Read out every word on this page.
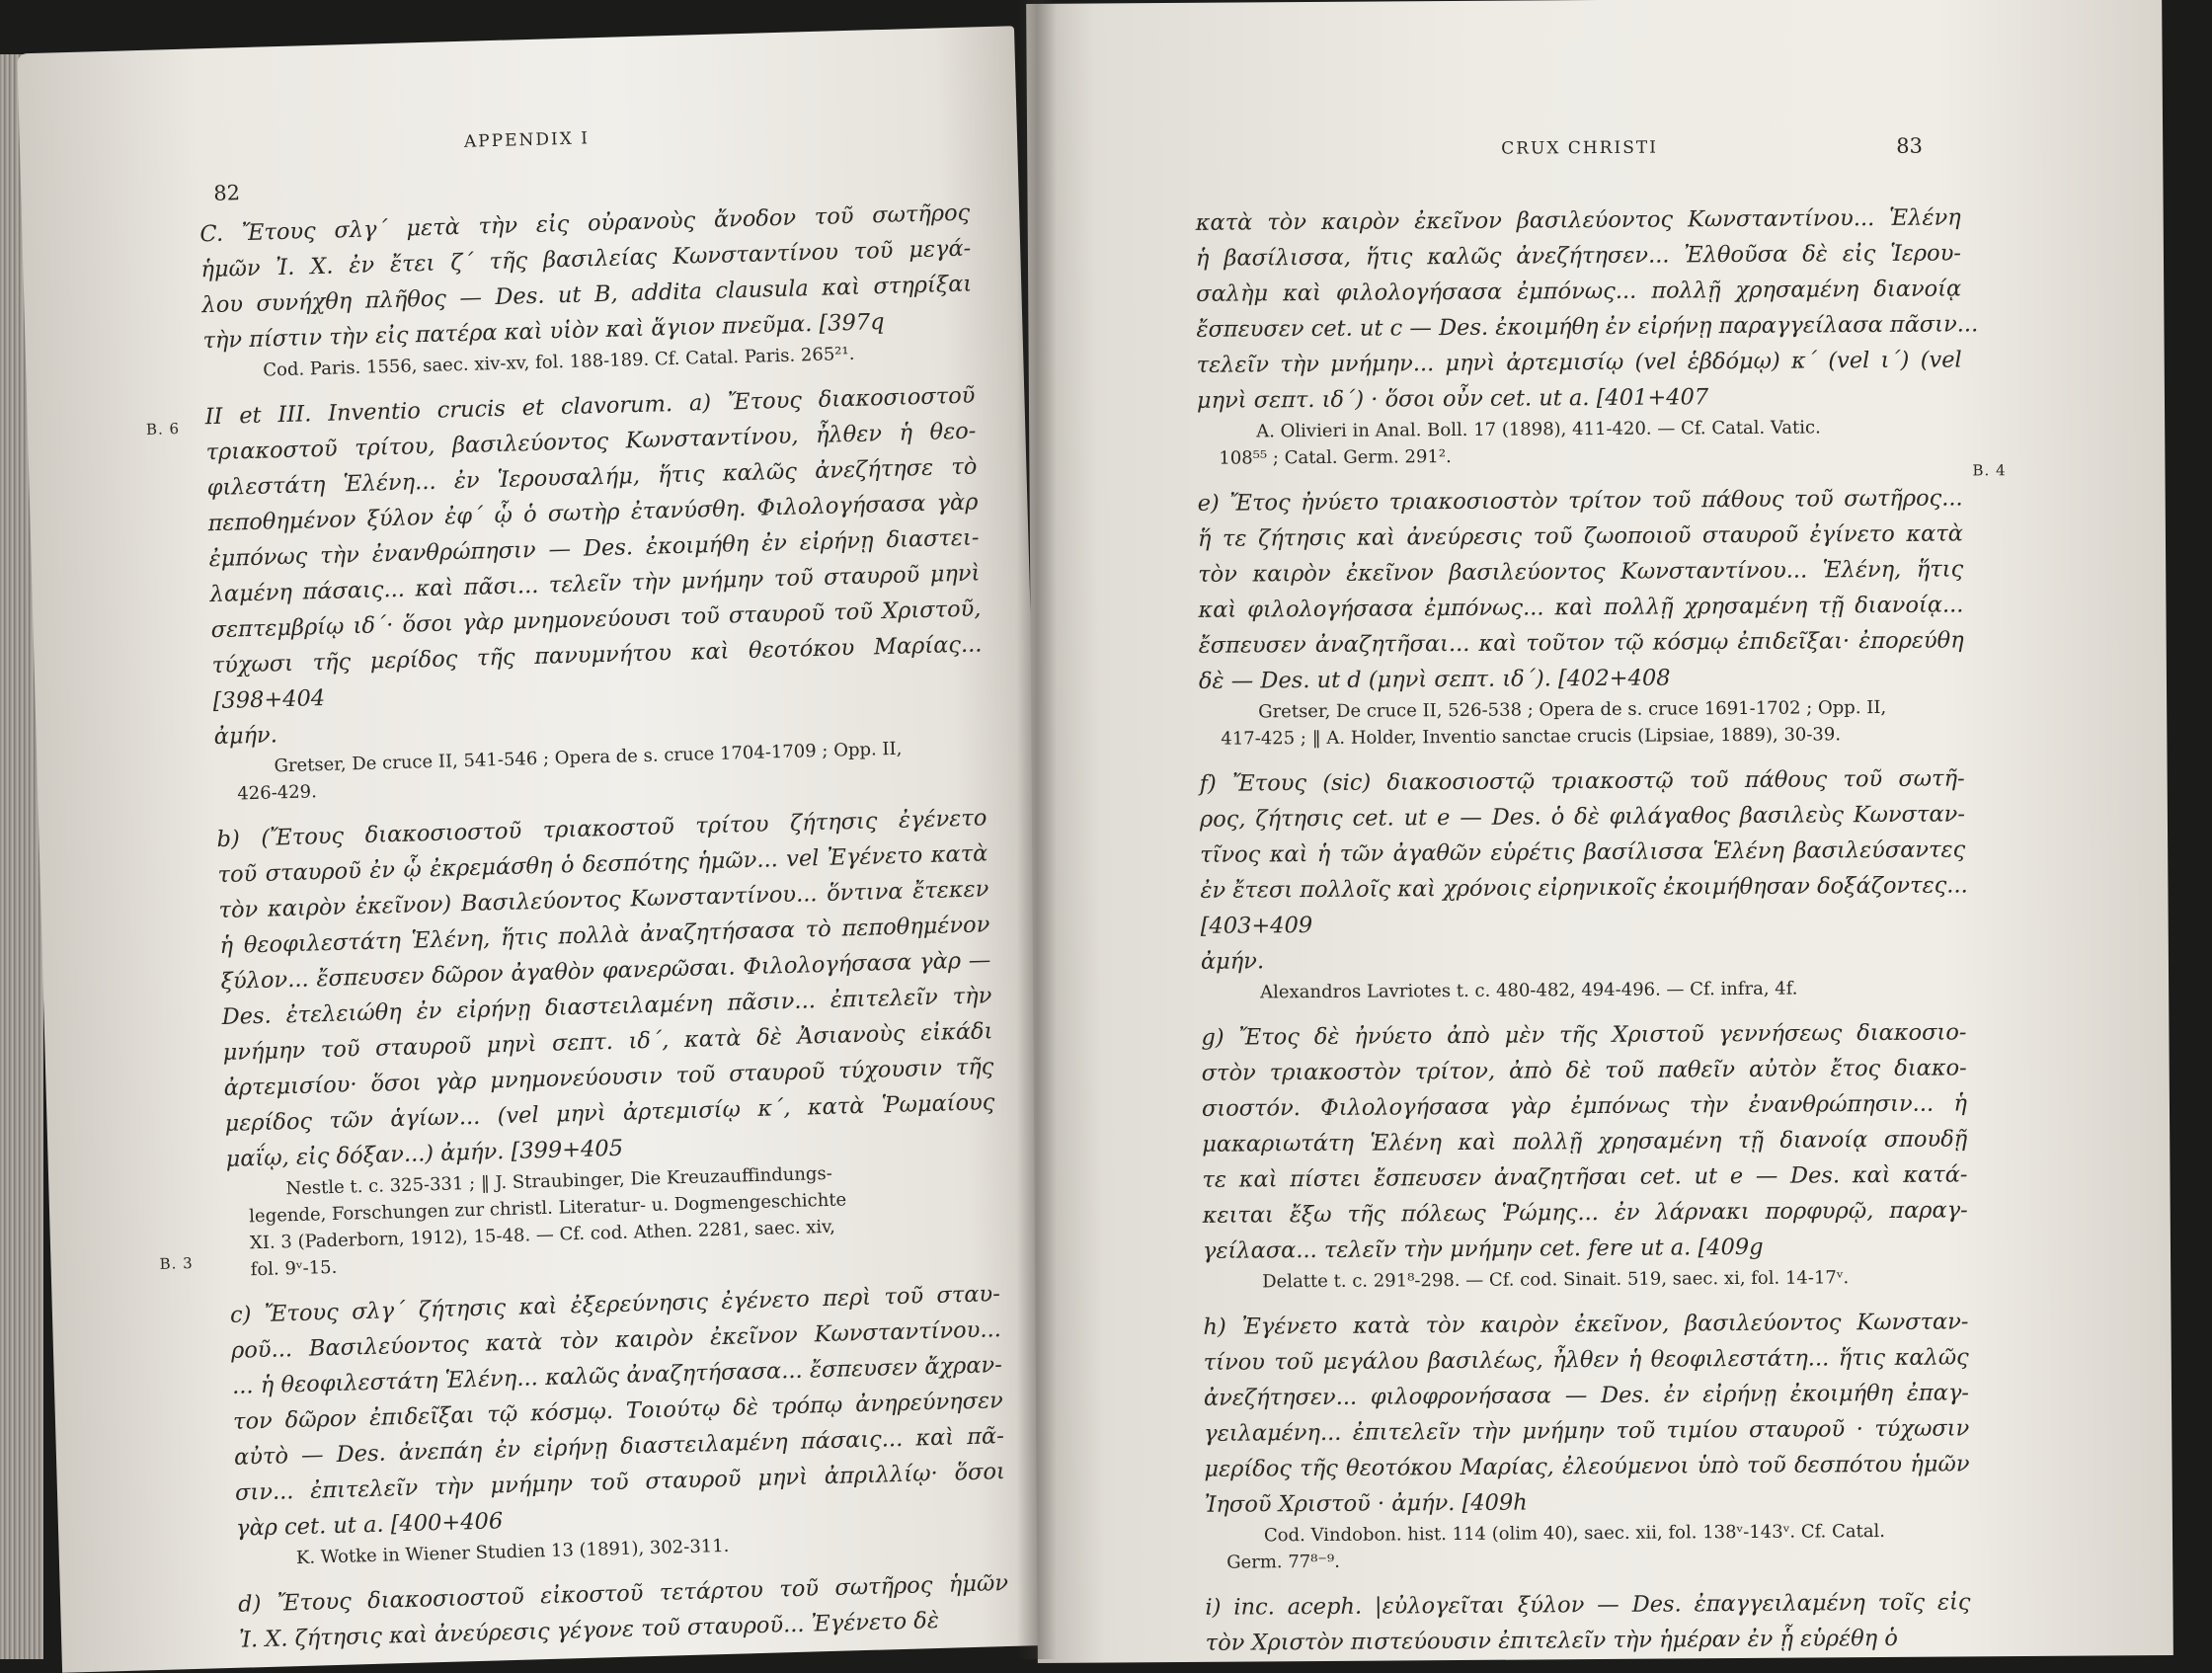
APPENDIX I
82
B. 6
B. 3
C. Ἔτους σλγ΄ μετὰ τὴν εἰς οὐρανοὺς ἄνοδον τοῦ σωτῆρος
ἡμῶν Ἰ. Χ. ἐν ἔτει ζ΄ τῆς βασιλείας Κωνσταντίνου τοῦ μεγά-
λου συνήχθη πλῆθος — Des. ut B, addita clausula καὶ στηρίξαι
τὴν πίστιν τὴν εἰς πατέρα καὶ υἱὸν καὶ ἅγιον πνεῦμα. [397q
Cod. Paris. 1556, saec. xiv-xv, fol. 188-189. Cf. Catal. Paris. 265²¹.
II et III. Inventio crucis et clavorum. a) Ἔτους διακοσιοστοῦ
τριακοστοῦ τρίτου, βασιλεύοντος Κωνσταντίνου, ἦλθεν ἡ θεο-
φιλεστάτη Ἑλένη... ἐν Ἱερουσαλήμ, ἥτις καλῶς ἀνεζήτησε τὸ
πεποθημένον ξύλον ἐφ΄ ᾧ ὁ σωτὴρ ἐτανύσθη. Φιλολογήσασα γὰρ
ἐμπόνως τὴν ἐνανθρώπησιν — Des. ἐκοιμήθη ἐν εἰρήνῃ διαστει-
λαμένη πάσαις... καὶ πᾶσι... τελεῖν τὴν μνήμην τοῦ σταυροῦ μηνὶ
σεπτεμβρίῳ ιδ΄· ὅσοι γὰρ μνημονεύουσι τοῦ σταυροῦ τοῦ Χριστοῦ,
τύχωσι τῆς μερίδος τῆς πανυμνήτου καὶ θεοτόκου Μαρίας...
[398+404
ἀμήν.
Gretser, De cruce II, 541-546 ; Opera de s. cruce 1704-1709 ; Opp. II,
426-429.
b) (Ἔτους διακοσιοστοῦ τριακοστοῦ τρίτου ζήτησις ἐγένετο
τοῦ σταυροῦ ἐν ᾧ ἐκρεμάσθη ὁ δεσπότης ἡμῶν... vel Ἐγένετο κατὰ
τὸν καιρὸν ἐκεῖνον) Βασιλεύοντος Κωνσταντίνου... ὅντινα ἔτεκεν
ἡ θεοφιλεστάτη Ἑλένη, ἥτις πολλὰ ἀναζητήσασα τὸ πεποθημένον
ξύλον... ἔσπευσεν δῶρον ἀγαθὸν φανερῶσαι. Φιλολογήσασα γὰρ —
Des. ἐτελειώθη ἐν εἰρήνῃ διαστειλαμένη πᾶσιν... ἐπιτελεῖν τὴν
μνήμην τοῦ σταυροῦ μηνὶ σεπτ. ιδ΄, κατὰ δὲ Ἀσιανοὺς εἰκάδι
ἀρτεμισίου· ὅσοι γὰρ μνημονεύουσιν τοῦ σταυροῦ τύχουσιν τῆς
μερίδος τῶν ἁγίων... (vel μηνὶ ἀρτεμισίῳ κ΄, κατὰ Ῥωμαίους
μαΐῳ, εἰς δόξαν...) ἀμήν. [399+405
Nestle t. c. 325-331 ; ‖ J. Straubinger, Die Kreuzauffindungs-
legende, Forschungen zur christl. Literatur- u. Dogmengeschichte
XI. 3 (Paderborn, 1912), 15-48. — Cf. cod. Athen. 2281, saec. xiv,
fol. 9ᵛ-15.
c) Ἔτους σλγ΄ ζήτησις καὶ ἐξερεύνησις ἐγένετο περὶ τοῦ σταυ-
ροῦ... Βασιλεύοντος κατὰ τὸν καιρὸν ἐκεῖνον Κωνσταντίνου...
... ἡ θεοφιλεστάτη Ἑλένη... καλῶς ἀναζητήσασα... ἔσπευσεν ἄχραν-
τον δῶρον ἐπιδεῖξαι τῷ κόσμῳ. Τοιούτῳ δὲ τρόπῳ ἀνηρεύνησεν
αὐτὸ — Des. ἀνεπάη ἐν εἰρήνῃ διαστειλαμένη πάσαις... καὶ πᾶ-
σιν... ἐπιτελεῖν τὴν μνήμην τοῦ σταυροῦ μηνὶ ἀπριλλίῳ· ὅσοι
γὰρ cet. ut a. [400+406
K. Wotke in Wiener Studien 13 (1891), 302-311.
d) Ἔτους διακοσιοστοῦ εἰκοστοῦ τετάρτου τοῦ σωτῆρος ἡμῶν
Ἰ. Χ. ζήτησις καὶ ἀνεύρεσις γέγονε τοῦ σταυροῦ... Ἐγένετο δὲ
CRUX CHRISTI	83
B. 4
κατὰ τὸν καιρὸν ἐκεῖνον βασιλεύοντος Κωνσταντίνου... Ἑλένη
ἡ βασίλισσα, ἥτις καλῶς ἀνεζήτησεν... Ἐλθοῦσα δὲ εἰς Ἱερου-
σαλὴμ καὶ φιλολογήσασα ἐμπόνως... πολλῇ χρησαμένη διανοίᾳ
ἔσπευσεν cet. ut c — Des. ἐκοιμήθη ἐν εἰρήνῃ παραγγείλασα πᾶσιν...
τελεῖν τὴν μνήμην... μηνὶ ἀρτεμισίῳ (vel ἑβδόμῳ) κ΄ (vel ι΄) (vel
μηνὶ σεπτ. ιδ΄) · ὅσοι οὖν cet. ut a. [401+407
A. Olivieri in Anal. Boll. 17 (1898), 411-420. — Cf. Catal. Vatic.
108⁵⁵ ; Catal. Germ. 291².
e) Ἔτος ἠνύετο τριακοσιοστὸν τρίτον τοῦ πάθους τοῦ σωτῆρος...
ἥ τε ζήτησις καὶ ἀνεύρεσις τοῦ ζωοποιοῦ σταυροῦ ἐγίνετο κατὰ
τὸν καιρὸν ἐκεῖνον βασιλεύοντος Κωνσταντίνου... Ἑλένη, ἥτις
καὶ φιλολογήσασα ἐμπόνως... καὶ πολλῇ χρησαμένη τῇ διανοίᾳ...
ἔσπευσεν ἀναζητῆσαι... καὶ τοῦτον τῷ κόσμῳ ἐπιδεῖξαι· ἐπορεύθη
δὲ — Des. ut d (μηνὶ σεπτ. ιδ΄). [402+408
Gretser, De cruce II, 526-538 ; Opera de s. cruce 1691-1702 ; Opp. II,
417-425 ; ‖ A. Holder, Inventio sanctae crucis (Lipsiae, 1889), 30-39.
f) Ἔτους (sic) διακοσιοστῷ τριακοστῷ τοῦ πάθους τοῦ σωτῆ-
ρος, ζήτησις cet. ut e — Des. ὁ δὲ φιλάγαθος βασιλεὺς Κωνσταν-
τῖνος καὶ ἡ τῶν ἀγαθῶν εὑρέτις βασίλισσα Ἑλένη βασιλεύσαντες
ἐν ἔτεσι πολλοῖς καὶ χρόνοις εἰρηνικοῖς ἐκοιμήθησαν δοξάζοντες...
[403+409
ἀμήν.
Alexandros Lavriotes t. c. 480-482, 494-496. — Cf. infra, 4f.
g) Ἔτος δὲ ἠνύετο ἀπὸ μὲν τῆς Χριστοῦ γεννήσεως διακοσιο-
στὸν τριακοστὸν τρίτον, ἀπὸ δὲ τοῦ παθεῖν αὐτὸν ἔτος διακο-
σιοστόν. Φιλολογήσασα γὰρ ἐμπόνως τὴν ἐνανθρώπησιν... ἡ
μακαριωτάτη Ἑλένη καὶ πολλῇ χρησαμένη τῇ διανοίᾳ σπουδῇ
τε καὶ πίστει ἔσπευσεν ἀναζητῆσαι cet. ut e — Des. καὶ κατά-
κειται ἔξω τῆς πόλεως Ῥώμης... ἐν λάρνακι πορφυρῷ, παραγ-
γείλασα... τελεῖν τὴν μνήμην cet. fere ut a. [409g
Delatte t. c. 291⁸-298. — Cf. cod. Sinait. 519, saec. xi, fol. 14-17ᵛ.
h) Ἐγένετο κατὰ τὸν καιρὸν ἐκεῖνον, βασιλεύοντος Κωνσταν-
τίνου τοῦ μεγάλου βασιλέως, ἦλθεν ἡ θεοφιλεστάτη... ἥτις καλῶς
ἀνεζήτησεν... φιλοφρονήσασα — Des. ἐν εἰρήνῃ ἐκοιμήθη ἐπαγ-
γειλαμένη... ἐπιτελεῖν τὴν μνήμην τοῦ τιμίου σταυροῦ · τύχωσιν
μερίδος τῆς θεοτόκου Μαρίας, ἐλεούμενοι ὑπὸ τοῦ δεσπότου ἡμῶν
Ἰησοῦ Χριστοῦ · ἀμήν. [409h
Cod. Vindobon. hist. 114 (olim 40), saec. xii, fol. 138ᵛ-143ᵛ. Cf. Catal.
Germ. 77⁸⁻⁹.
i) inc. aceph. |εὐλογεῖται ξύλον — Des. ἐπαγγειλαμένη τοῖς εἰς
τὸν Χριστὸν πιστεύουσιν ἐπιτελεῖν τὴν ἡμέραν ἐν ᾗ εὑρέθη ὁ
